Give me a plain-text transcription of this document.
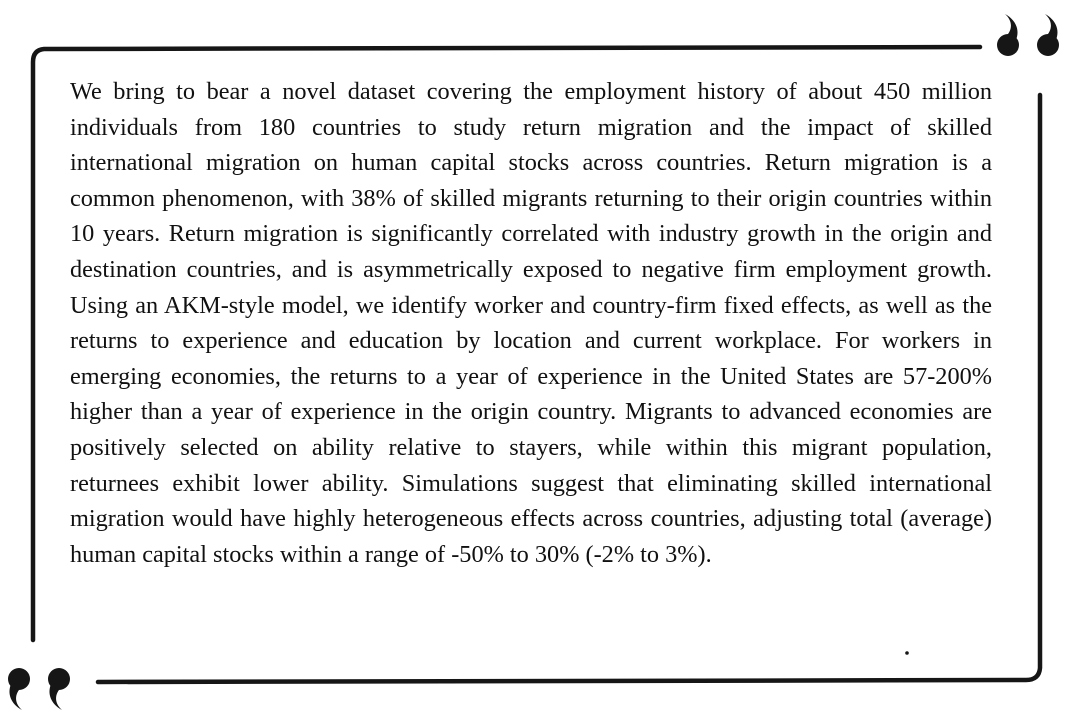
We bring to bear a novel dataset covering the employment history of about 450 million individuals from 180 countries to study return migration and the impact of skilled international migration on human capital stocks across countries. Return migration is a common phenomenon, with 38% of skilled migrants returning to their origin countries within 10 years. Return migration is significantly correlated with industry growth in the origin and destination countries, and is asymmetrically exposed to negative firm employment growth. Using an AKM-style model, we identify worker and country-firm fixed effects, as well as the returns to experience and education by location and current workplace. For workers in emerging economies, the returns to a year of experience in the United States are 57-200% higher than a year of experience in the origin country. Migrants to advanced economies are positively selected on ability relative to stayers, while within this migrant population, returnees exhibit lower ability. Simulations suggest that eliminating skilled international migration would have highly heterogeneous effects across countries, adjusting total (average) human capital stocks within a range of -50% to 30% (-2% to 3%).
